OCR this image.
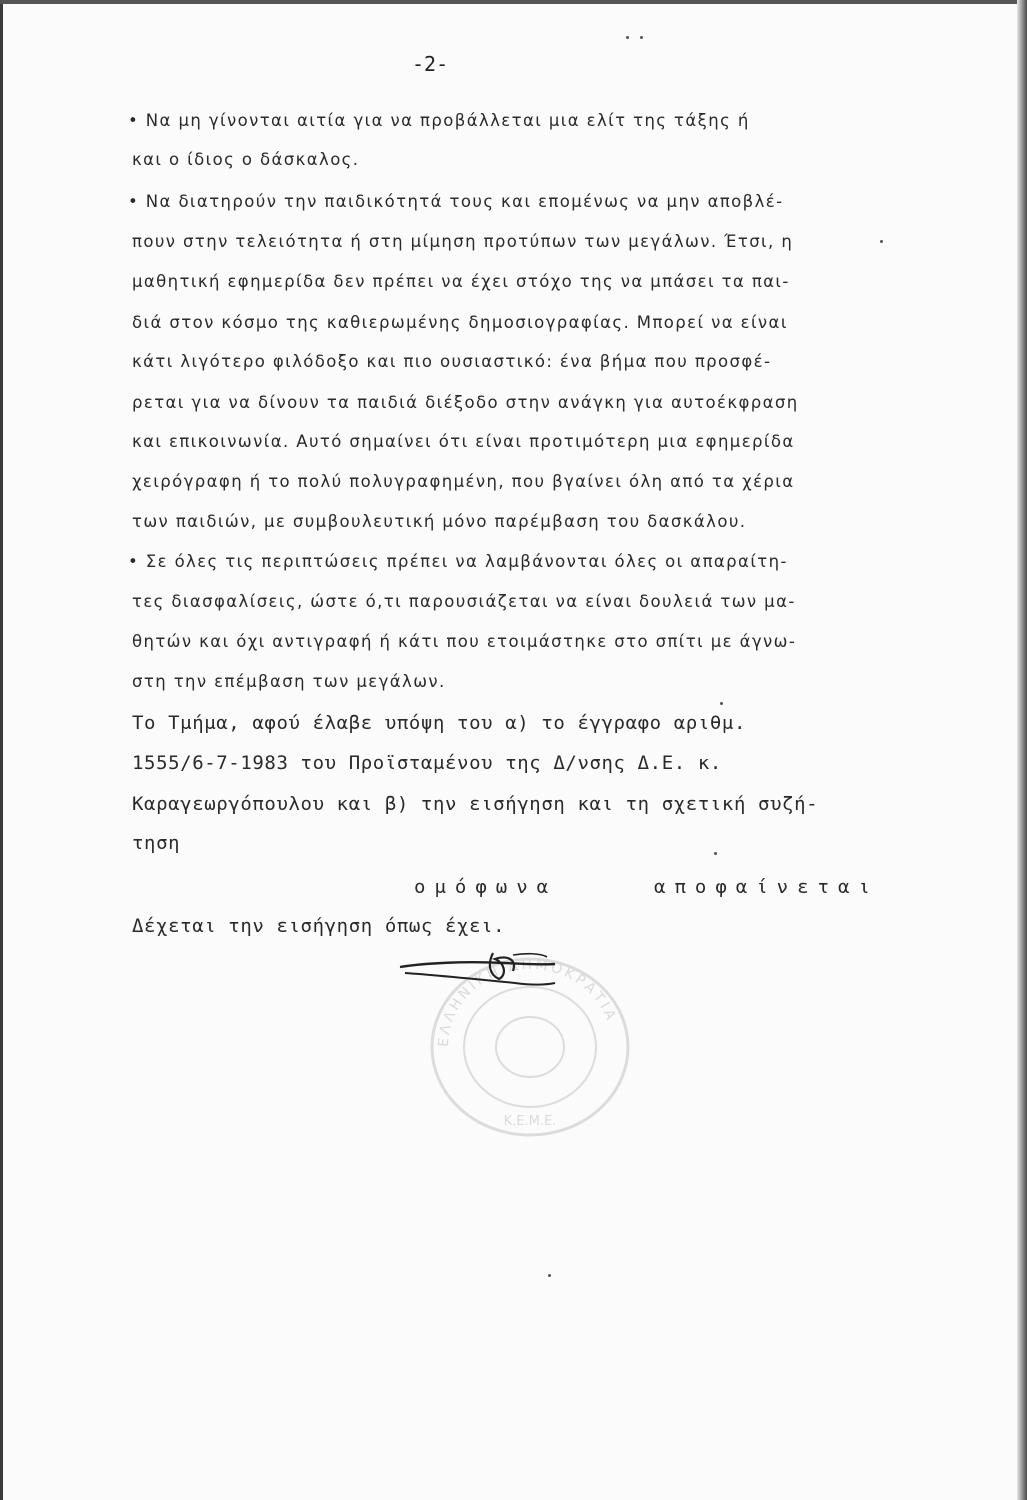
-2-

• Να μη γίνονται αιτία για να προβάλλεται μια ελίτ της τάξης ή

και ο ίδιος ο δάσκαλος.

• Να διατηρούν την παιδικότητά τους και επομένως να μην αποβλέ-

πουν στην τελειότητα ή στη μίμηση προτύπων των μεγάλων. Έτσι, η

μαθητική εφημερίδα δεν πρέπει να έχει στόχο της να μπάσει τα παι-

διά στον κόσμο της καθιερωμένης δημοσιογραφίας. Μπορεί να είναι

κάτι λιγότερο φιλόδοξο και πιο ουσιαστικό: ένα βήμα που προσφέ-

ρεται για να δίνουν τα παιδιά διέξοδο στην ανάγκη για αυτοέκφραση

και επικοινωνία. Αυτό σημαίνει ότι είναι προτιμότερη μια εφημερίδα

χειρόγραφη ή το πολύ πολυγραφημένη, που βγαίνει όλη από τα χέρια

των παιδιών, με συμβουλευτική μόνο παρέμβαση του δασκάλου.

• Σε όλες τις περιπτώσεις πρέπει να λαμβάνονται όλες οι απαραίτη-

τες διασφαλίσεις, ώστε ό,τι παρουσιάζεται να είναι δουλειά των μα-

θητών και όχι αντιγραφή ή κάτι που ετοιμάστηκε στο σπίτι με άγνω-

στη την επέμβαση των μεγάλων.

Το Τμήμα, αφού έλαβε υπόψη του α) το έγγραφο αριθμ.

1555/6-7-1983 του Προϊσταμένου της Δ/νσης Δ.Ε. κ.

Καραγεωργόπουλου και β) την εισήγηση και τη σχετική συζή-

τηση

ομόφωνα	αποφαίνεται

Δέχεται την εισήγηση όπως έχει.

ΕΛΛΗΝΙΚΗ ΔΗΜΟΚΡΑΤΙΑ
Κ.Ε.Μ.Ε.
